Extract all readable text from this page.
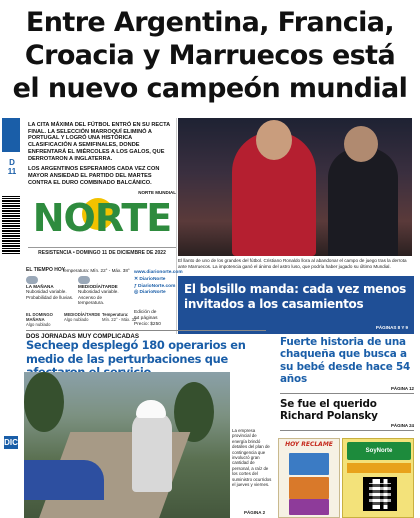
Entre Argentina, Francia,
Croacia y Marruecos está
el nuevo campeón mundial
D
11
DIC

LA CITA MÁXIMA DEL FÚTBOL ENTRÓ EN SU RECTA FINAL. LA SELECCIÓN MARROQUÍ ELIMINÓ A PORTUGAL Y LOGRÓ UNA HISTÓRICA CLASIFICACIÓN A SEMIFINALES, DONDE ENFRENTARÁ EL MIÉRCOLES A LOS GALOS, QUE DERROTARON A INGLATERRA.

LOS ARGENTINOS ESPERAMOS CADA VEZ CON MAYOR ANSIEDAD EL PARTIDO DEL MARTES CONTRA EL DURO COMBINADO BALCÁNICO.

NORTE MUNDIAL
El llanto de uno de los grandes del fútbol. Cristiano Ronaldo llora al abandonar el campo de juego tras la derrota ante Marruecos. La impotencia ganó el ánimo del astro luso, que podría haber jugado su último Mundial.
NORTE
RESISTENCIA • DOMINGO 11 DE DICIEMBRE DE 2022
EL TIEMPO HOY
Temperatura: Mín. 22° - Máx. 38°
LA MAÑANA
Nubosidad variable. Probabilidad de lluvias.
MEDIODÍA/TARDE
Nubosidad variable. Ascenso de temperatura.
EL DOMINGO MAÑANA
Algo nublado
MEDIODÍA/TARDE
Algo nublado
Temperatura:
Mín. 22° - Máx. 32°
www.diarionorte.com
✕ DiarioNorte
ƒ DiarioNorte.com
◎ DiarioNorte
Edición de
64 páginas
Precio: $250
El bolsillo manda: cada vez menos invitados a los casamientos
PÁGINAS 8 Y 9
DOS JORNADAS MUY COMPLICADAS
Secheep desplegó 180 operarios en medio de las perturbaciones que
La empresa provincial de energía brindó detalles del plan de contingencia que involucró gran cantidad de personal, a raíz de los cortes del suministro ocurridos el jueves y viernes.
PÁGINA 2
Fuerte historia de una chaqueña que busca a su bebé desde hace 54 años
PÁGINA 12
Se fue el querido Richard Polansky
PÁGINA 24
HOY RECLAME
SoyNorte
